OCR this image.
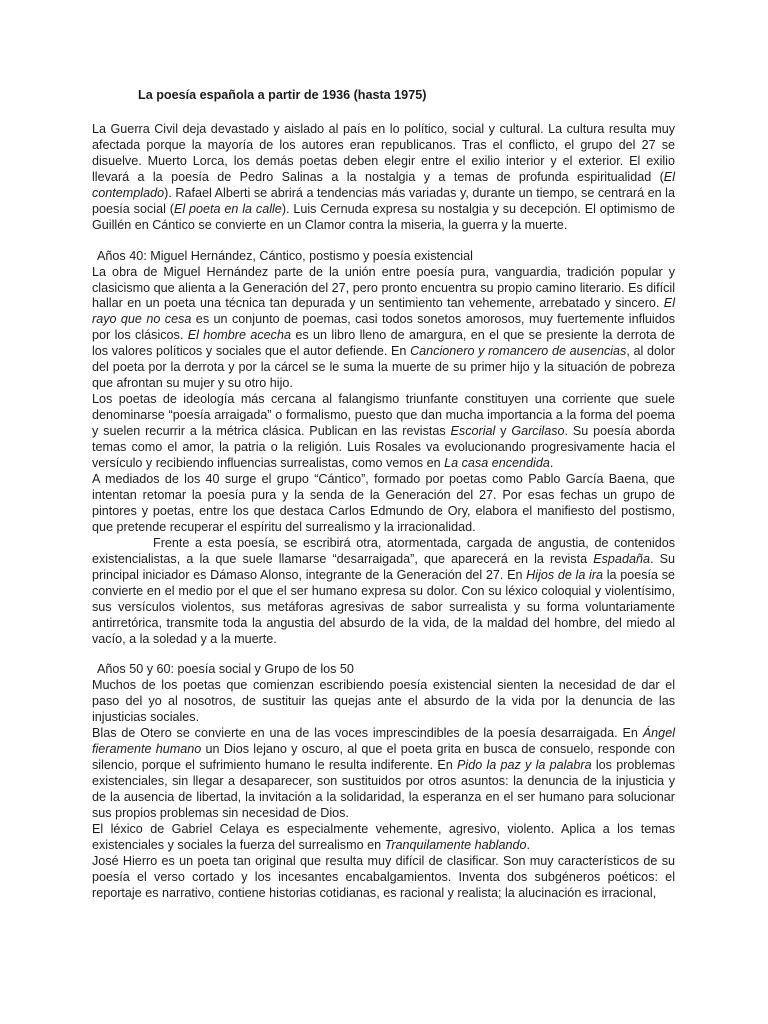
La poesía española a partir de 1936 (hasta 1975)

La Guerra Civil deja devastado y aislado al país en lo político, social y cultural. La cultura resulta muy afectada porque la mayoría de los autores eran republicanos. Tras el conflicto, el grupo del 27 se disuelve. Muerto Lorca, los demás poetas deben elegir entre el exilio interior y el exterior. El exilio llevará a la poesía de Pedro Salinas a la nostalgia y a temas de profunda espiritualidad (El contemplado). Rafael Alberti se abrirá a tendencias más variadas y, durante un tiempo, se centrará en la poesía social (El poeta en la calle). Luis Cernuda expresa su nostalgia y su decepción. El optimismo de Guillén en Cántico se convierte en un Clamor contra la miseria, la guerra y la muerte.

Años 40: Miguel Hernández, Cántico, postismo y poesía existencial

La obra de Miguel Hernández parte de la unión entre poesía pura, vanguardia, tradición popular y clasicismo que alienta a la Generación del 27, pero pronto encuentra su propio camino literario. Es difícil hallar en un poeta una técnica tan depurada y un sentimiento tan vehemente, arrebatado y sincero. El rayo que no cesa es un conjunto de poemas, casi todos sonetos amorosos, muy fuertemente influidos por los clásicos. El hombre acecha es un libro lleno de amargura, en el que se presiente la derrota de los valores políticos y sociales que el autor defiende. En Cancionero y romancero de ausencias, al dolor del poeta por la derrota y por la cárcel se le suma la muerte de su primer hijo y la situación de pobreza que afrontan su mujer y su otro hijo.

Los poetas de ideología más cercana al falangismo triunfante constituyen una corriente que suele denominarse “poesía arraigada” o formalismo, puesto que dan mucha importancia a la forma del poema y suelen recurrir a la métrica clásica. Publican en las revistas Escorial y Garcilaso. Su poesía aborda temas como el amor, la patria o la religión. Luis Rosales va evolucionando progresivamente hacia el versículo y recibiendo influencias surrealistas, como vemos en La casa encendida.

A mediados de los 40 surge el grupo “Cántico”, formado por poetas como Pablo García Baena, que intentan retomar la poesía pura y la senda de la Generación del 27. Por esas fechas un grupo de pintores y poetas, entre los que destaca Carlos Edmundo de Ory, elabora el manifiesto del postismo, que pretende recuperar el espíritu del surrealismo y la irracionalidad.

Frente a esta poesía, se escribirá otra, atormentada, cargada de angustia, de contenidos existencialistas, a la que suele llamarse “desarraigada”, que aparecerá en la revista Espadaña. Su principal iniciador es Dámaso Alonso, integrante de la Generación del 27. En Hijos de la ira la poesía se convierte en el medio por el que el ser humano expresa su dolor. Con su léxico coloquial y violentísimo, sus versículos violentos, sus metáforas agresivas de sabor surrealista y su forma voluntariamente antirretórica, transmite toda la angustia del absurdo de la vida, de la maldad del hombre, del miedo al vacío, a la soledad y a la muerte.

Años 50 y 60: poesía social y Grupo de los 50

Muchos de los poetas que comienzan escribiendo poesía existencial sienten la necesidad de dar el paso del yo al nosotros, de sustituir las quejas ante el absurdo de la vida por la denuncia de las injusticias sociales.

Blas de Otero se convierte en una de las voces imprescindibles de la poesía desarraigada. En Ángel fieramente humano un Dios lejano y oscuro, al que el poeta grita en busca de consuelo, responde con silencio, porque el sufrimiento humano le resulta indiferente. En Pido la paz y la palabra los problemas existenciales, sin llegar a desaparecer, son sustituidos por otros asuntos: la denuncia de la injusticia y de la ausencia de libertad, la invitación a la solidaridad, la esperanza en el ser humano para solucionar sus propios problemas sin necesidad de Dios.

El léxico de Gabriel Celaya es especialmente vehemente, agresivo, violento. Aplica a los temas existenciales y sociales la fuerza del surrealismo en Tranquilamente hablando.

José Hierro es un poeta tan original que resulta muy difícil de clasificar. Son muy característicos de su poesía el verso cortado y los incesantes encabalgamientos. Inventa dos subgéneros poéticos: el reportaje es narrativo, contiene historias cotidianas, es racional y realista; la alucinación es irracional,
